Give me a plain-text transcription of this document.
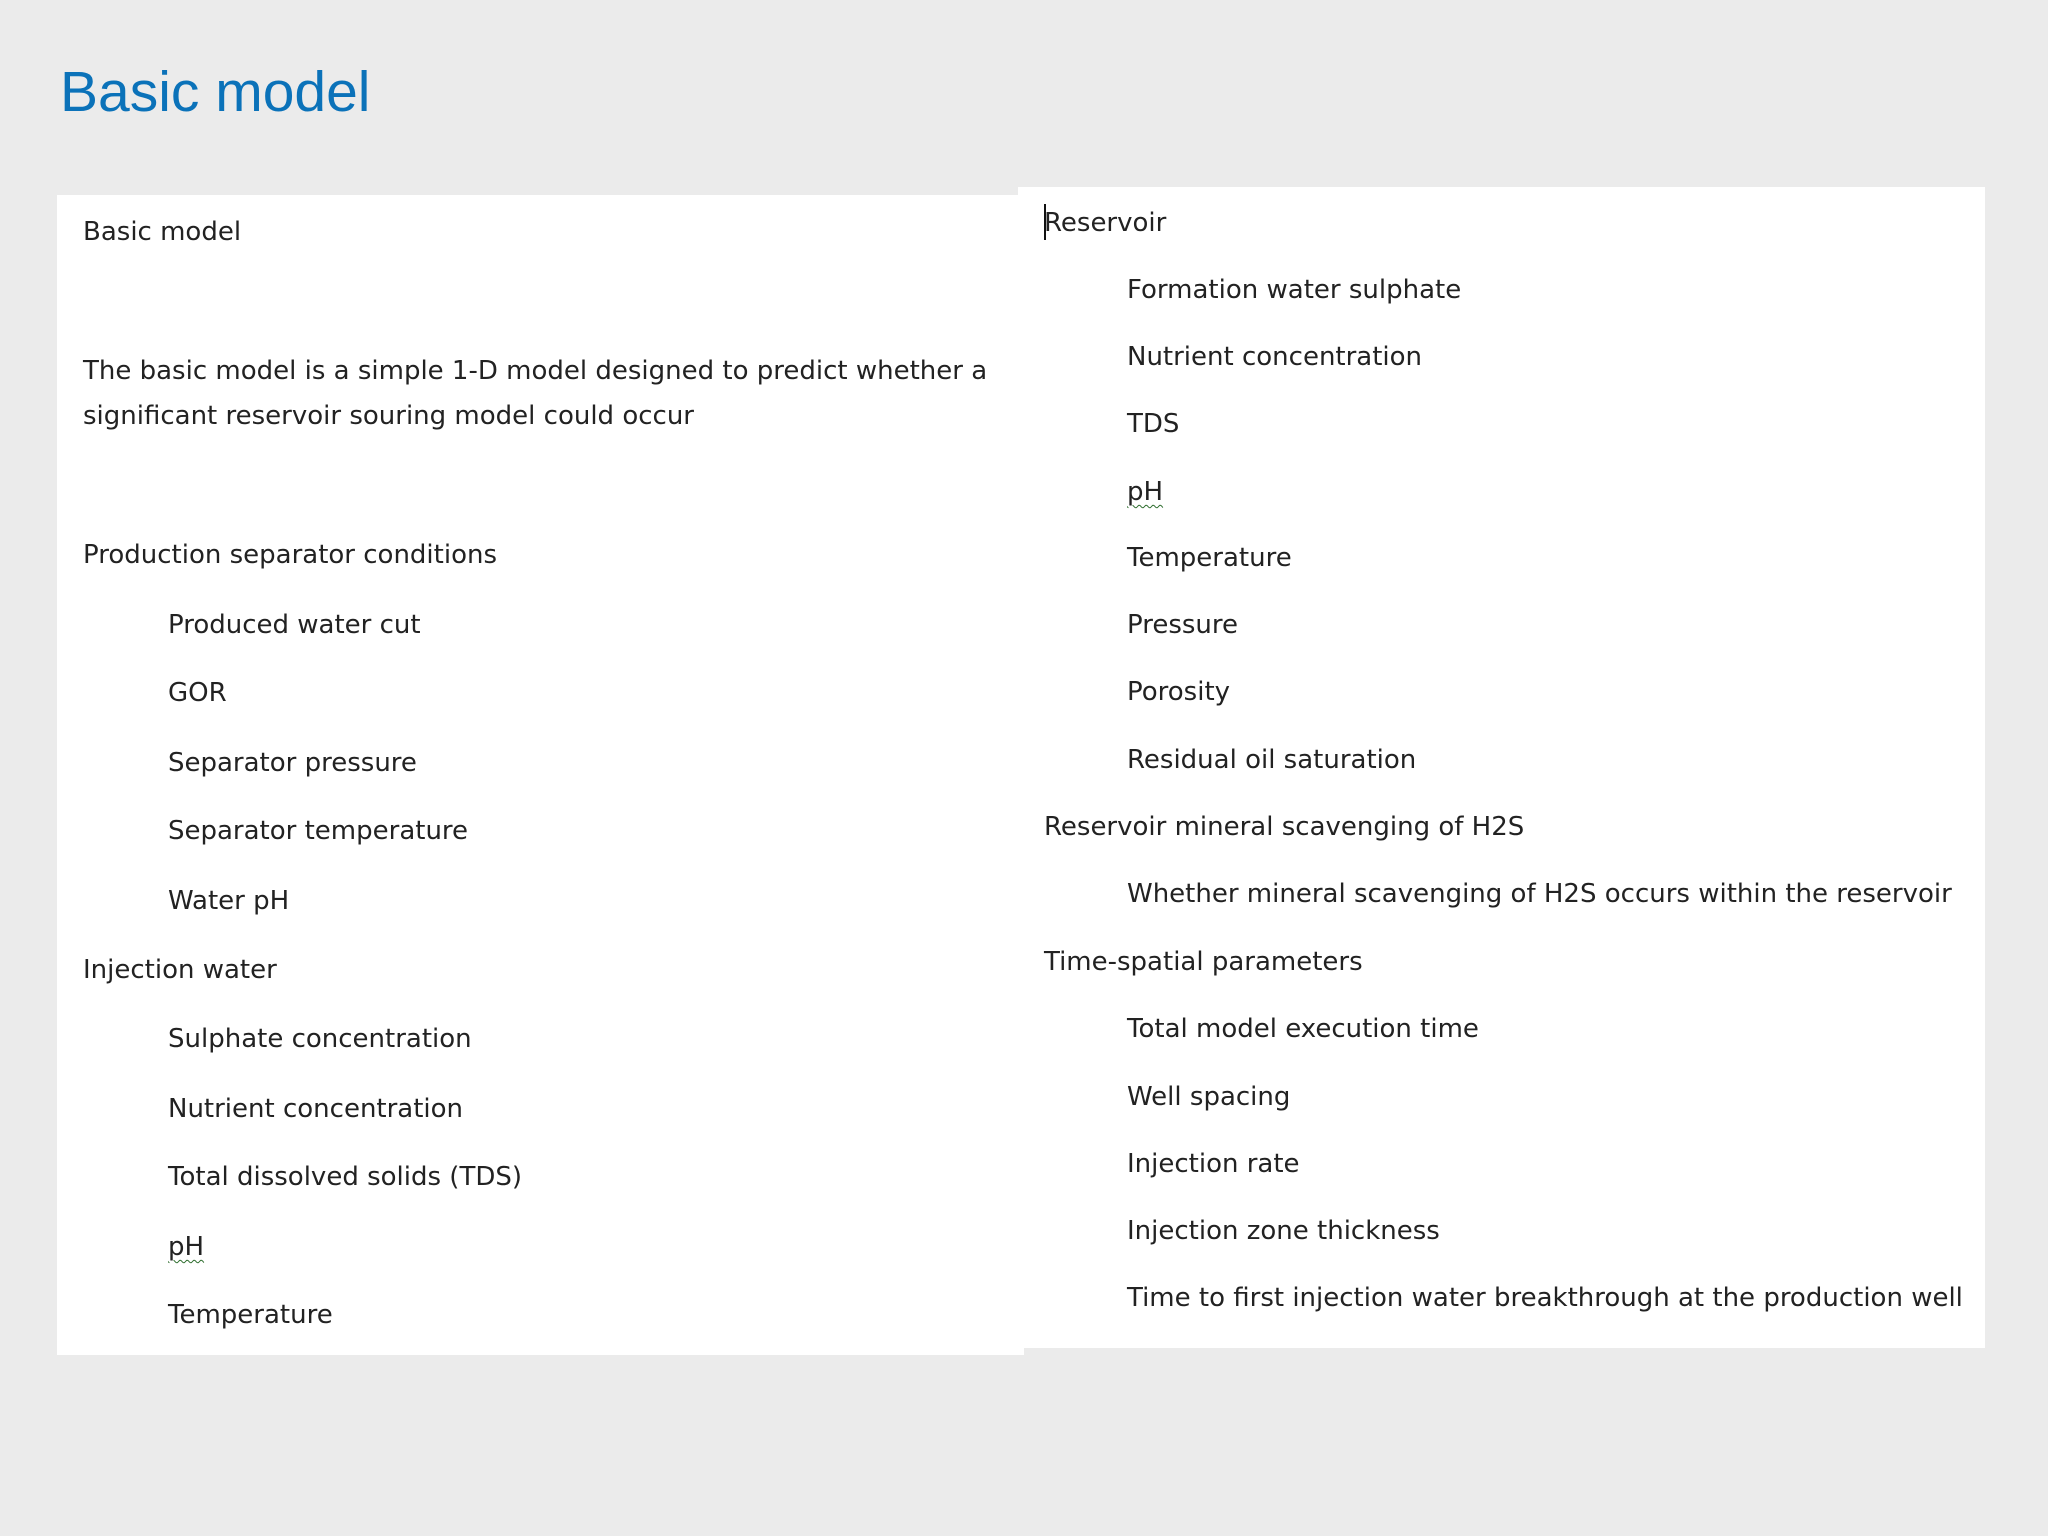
Basic model

Basic model

The basic model is a simple 1-D model designed to predict whether a significant reservoir souring model could occur

Production separator conditions

Produced water cut

GOR

Separator pressure

Separator temperature

Water pH

Injection water

Sulphate concentration

Nutrient concentration

Total dissolved solids (TDS)

pH

Temperature

Reservoir

Formation water sulphate

Nutrient concentration

TDS

pH

Temperature

Pressure

Porosity

Residual oil saturation

Reservoir mineral scavenging of H2S

Whether mineral scavenging of H2S occurs within the reservoir

Time-spatial parameters

Total model execution time

Well spacing

Injection rate

Injection zone thickness

Time to first injection water breakthrough at the production well
